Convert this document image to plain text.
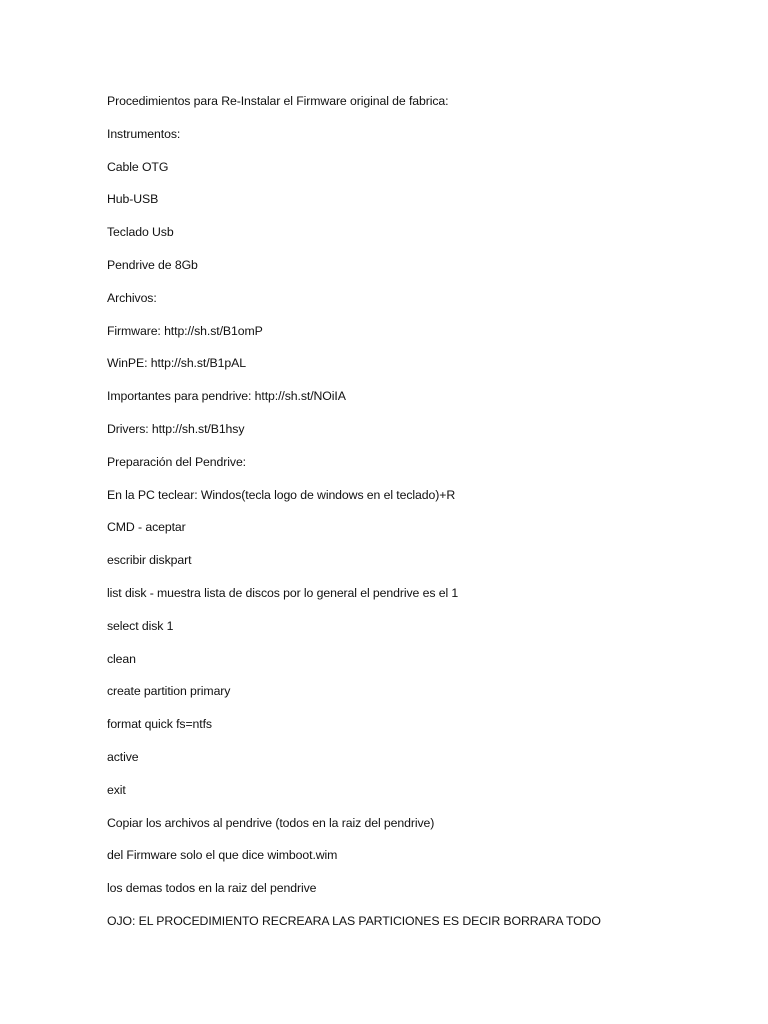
Procedimientos para Re-Instalar el Firmware original de fabrica:
Instrumentos:
Cable OTG
Hub-USB
Teclado Usb
Pendrive de 8Gb
Archivos:
Firmware: http://sh.st/B1omP
WinPE: http://sh.st/B1pAL
Importantes para pendrive: http://sh.st/NOiIA
Drivers: http://sh.st/B1hsy
Preparación del Pendrive:
En la PC teclear: Windos(tecla logo de windows en el teclado)+R
CMD - aceptar
escribir diskpart
list disk - muestra lista de discos por lo general el pendrive es el 1
select disk 1
clean
create partition primary
format quick fs=ntfs
active
exit
Copiar los archivos al pendrive (todos en la raiz del pendrive)
del Firmware solo el que dice wimboot.wim
los demas todos en la raiz del pendrive
OJO: EL PROCEDIMIENTO RECREARA LAS PARTICIONES ES DECIR BORRARA TODO
